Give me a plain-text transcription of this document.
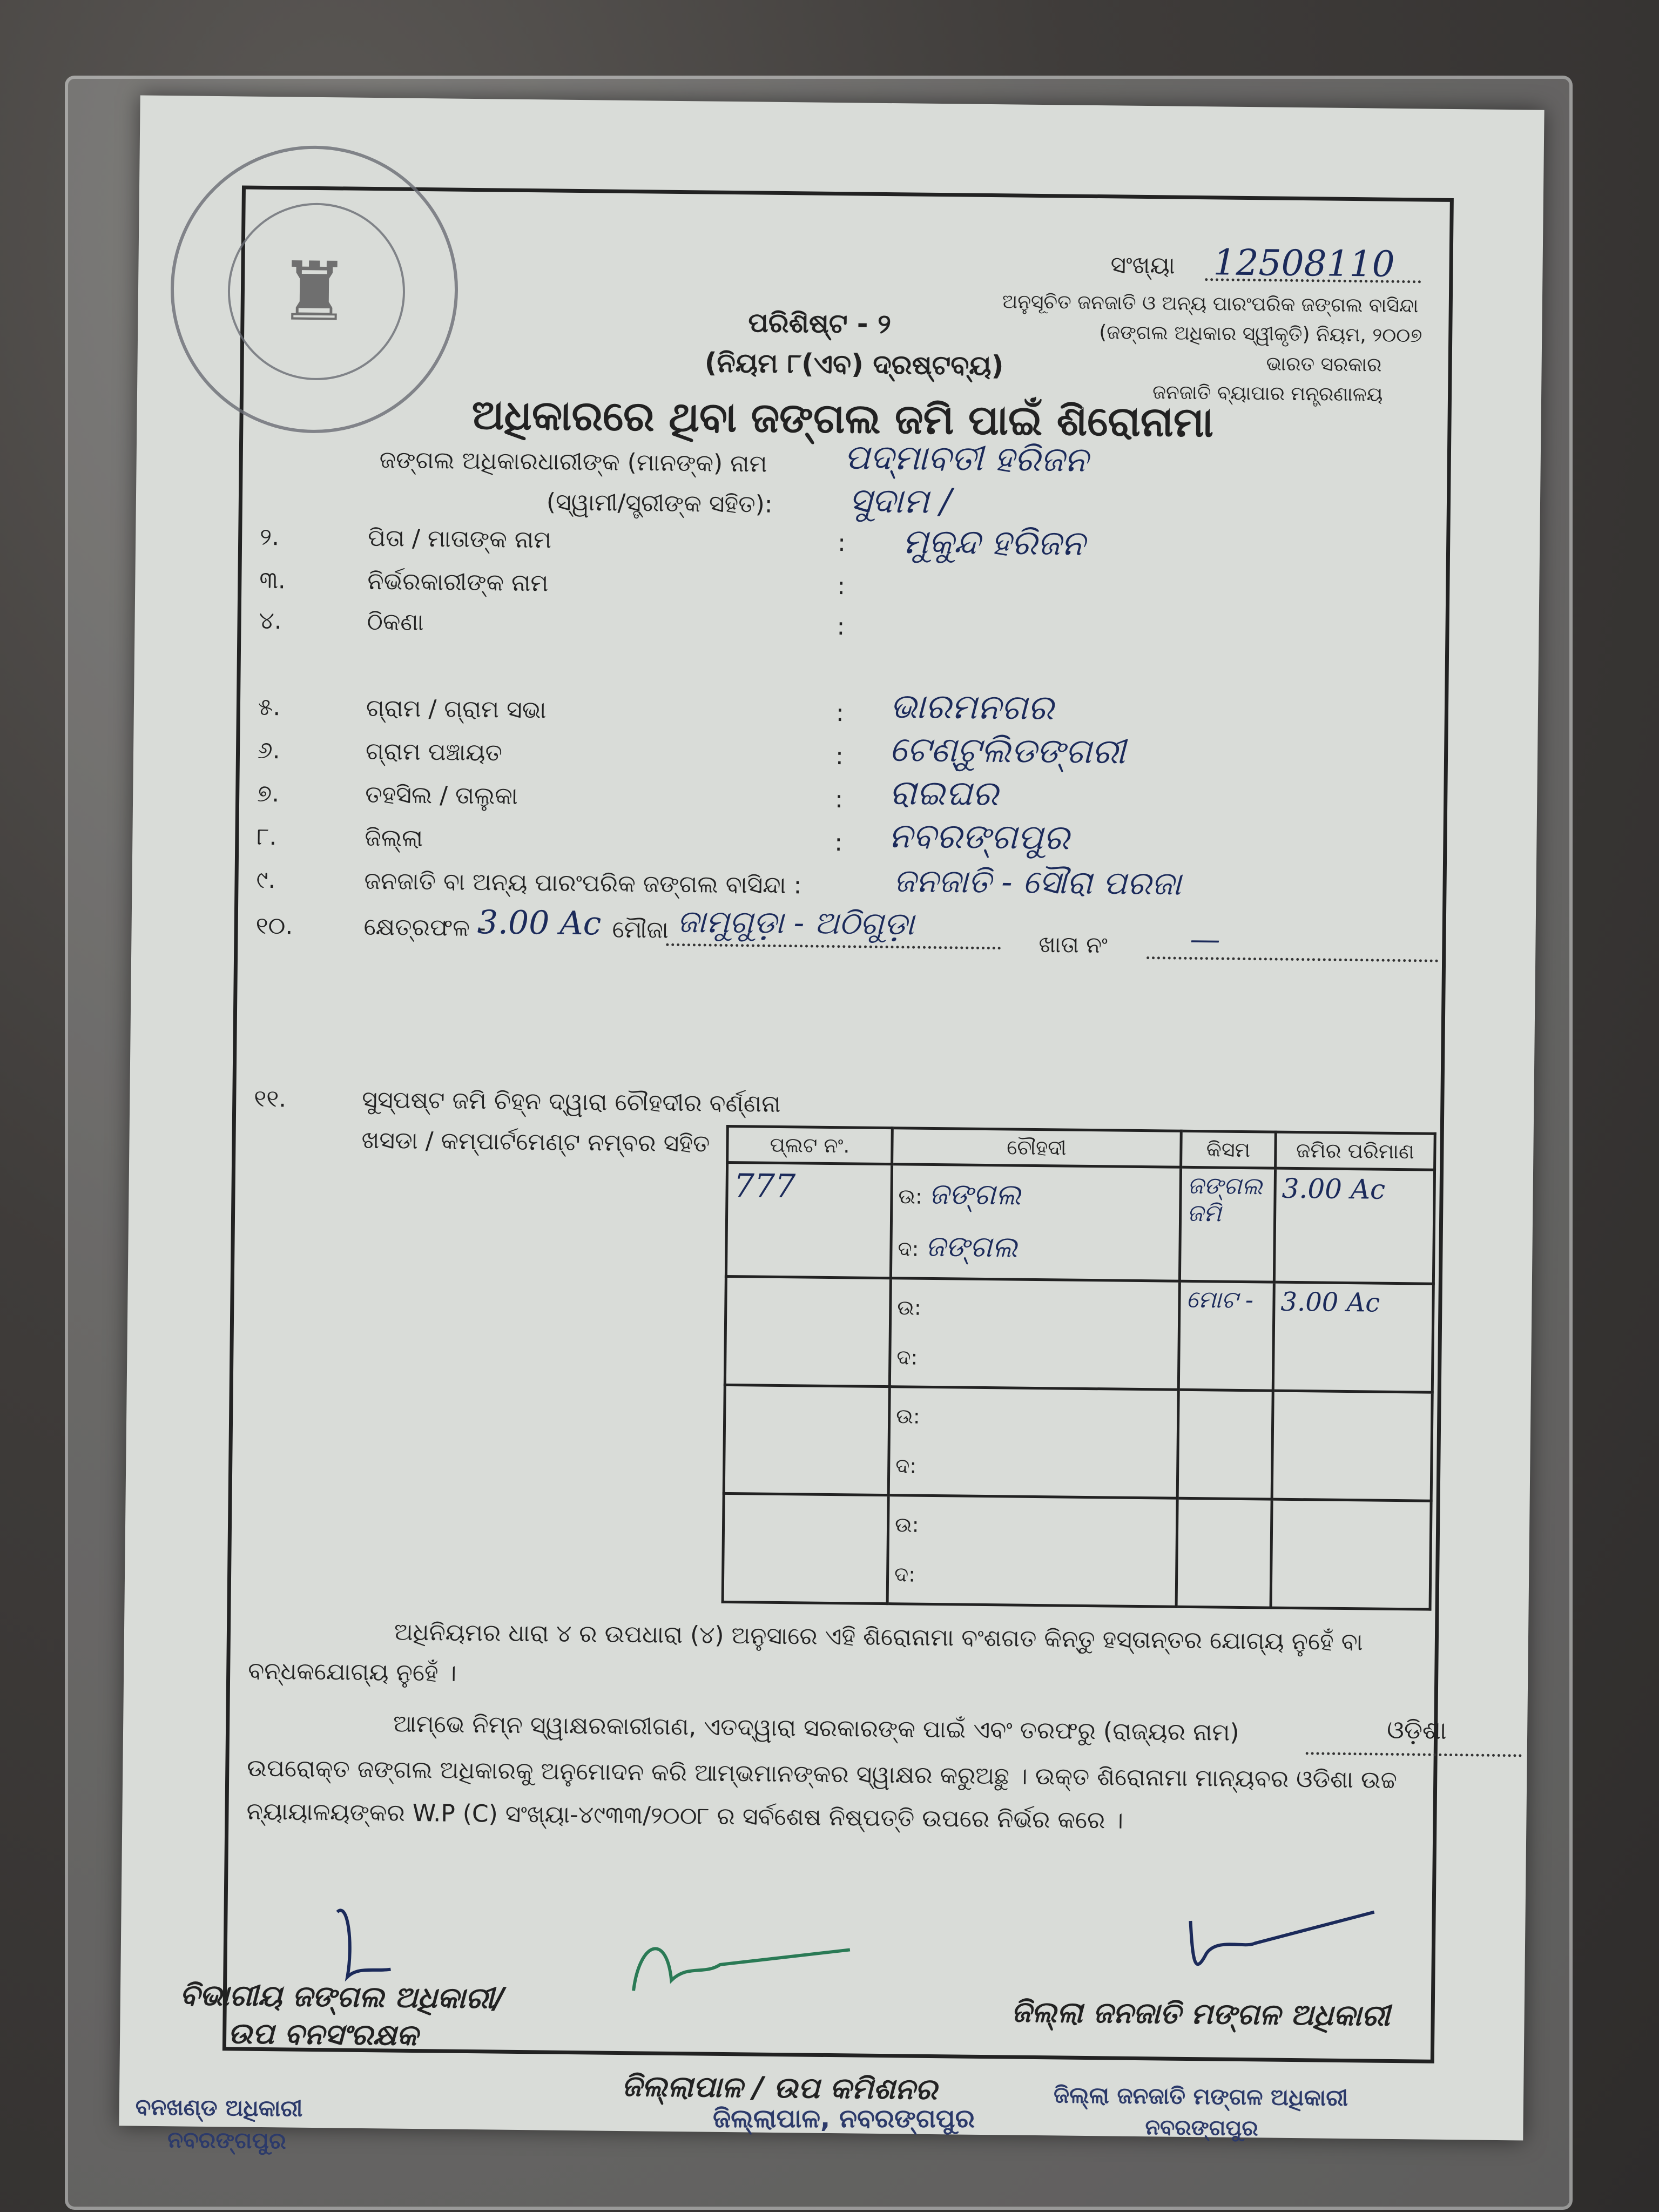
♜	ସଂଖ୍ୟା 12508110
ପରିଶିଷ୍ଟ - ୨
(ନିୟମ ୮(ଏବ) ଦ୍ରଷ୍ଟବ୍ୟ)
ଅଧିକାରରେ ଥିବା ଜଙ୍ଗଲ ଜମି ପାଇଁ ଶିରୋନାମା
ଅନୁସୂଚିତ ଜନଜାତି ଓ ଅନ୍ୟ ପାରଂପରିକ ଜଙ୍ଗଲ ବାସିନ୍ଦା
(ଜଙ୍ଗଲ ଅଧିକାର ସ୍ୱୀକୃତି) ନିୟମ, ୨୦୦୭
ଭାରତ ସରକାର
ଜନଜାତି ବ୍ୟାପାର ମନ୍ତ୍ରଣାଳୟ
ଜଙ୍ଗଲ ଅଧିକାରଧାରୀଙ୍କ (ମାନଙ୍କ) ନାମ ପଦ୍ମାବତୀ ହରିଜନ
(ସ୍ୱାମୀ/ସ୍ତ୍ରୀଙ୍କ ସହିତ): ସୁଦାମ /
୨.	ପିତା / ମାତାଙ୍କ ନାମ	: ମୁକୁନ୍ଦ ହରିଜନ
୩.	ନିର୍ଭରକାରୀଙ୍କ ନାମ	:
୪.	ଠିକଣା	:
୫.	ଗ୍ରାମ / ଗ୍ରାମ ସଭା	: ଭାରମନଗର
୬.	ଗ୍ରାମ ପଞ୍ଚାୟତ	: ଟେଣ୍ଟୁଲିଡଙ୍ଗରୀ
୭.	ତହସିଲ / ତାଲୁକା	: ରାଇଘର
୮.	ଜିଲ୍ଲା	: ନବରଙ୍ଗପୁର
୯.	ଜନଜାତି ବା ଅନ୍ୟ ପାରଂପରିକ ଜଙ୍ଗଲ ବାସିନ୍ଦା :	ଜନଜାତି - ସୌରା ପରଜା
୧୦.	କ୍ଷେତ୍ରଫଳ -
3.00 Ac ମୌଜା ଜାମୁଗୁଡ଼ା - ଅଠିଗୁଡ଼ା
ଖାତା ନଂ	—
୧୧.	ସୁସ୍ପଷ୍ଟ ଜମି ଚିହ୍ନ ଦ୍ୱାରା ଚୌହଦୀର ବର୍ଣ୍ଣନା
ଖସଡା / କମ୍ପାର୍ଟମେଣ୍ଟ ନମ୍ବର ସହିତ	ପ୍ଲଟ ନଂ.	ଚୌହଦୀ	କିସମ	ଜମିର ପରିମାଣ
777	ଉ: ଜଙ୍ଗଲ
ଦ: ଜଙ୍ଗଲ	ଜଙ୍ଗଲ ଜମି	3.00 Ac
	ଉ:
ଦ:	ମୋଟ -	3.00 Ac
	ଉ:
ଦ:		
	ଉ:
ଦ:		
ଅଧିନିୟମର ଧାରା ୪ ର ଉପଧାରା (୪) ଅନୁସାରେ ଏହି ଶିରୋନାମା ବଂଶଗତ କିନ୍ତୁ ହସ୍ତାନ୍ତର ଯୋଗ୍ୟ ନୁହେଁ ବା
ବନ୍ଧକଯୋଗ୍ୟ ନୁହେଁ ।
ଆମ୍ଭେ ନିମ୍ନ ସ୍ୱାକ୍ଷରକାରୀଗଣ, ଏତଦ୍ୱାରା ସରକାରଙ୍କ ପାଇଁ ଏବଂ ତରଫରୁ (ରାଜ୍ୟର ନାମ)	ଓଡ଼ିଶା
ଉପରୋକ୍ତ ଜଙ୍ଗଲ ଅଧିକାରକୁ ଅନୁମୋଦନ କରି ଆମ୍ଭମାନଙ୍କର ସ୍ୱାକ୍ଷର କରୁଅଛୁ । ଉକ୍ତ ଶିରୋନାମା ମାନ୍ୟବର ଓଡିଶା ଉଚ୍ଚ
ନ୍ୟାୟାଳୟଙ୍କର W.P (C) ସଂଖ୍ୟା-୪୯୩୩/୨୦୦୮ ର ସର୍ବଶେଷ ନିଷ୍ପତ୍ତି ଉପରେ ନିର୍ଭର କରେ ।
ବିଭାଗୀୟ ଜଙ୍ଗଲ ଅଧିକାରୀ/
ଉପ ବନସଂରକ୍ଷକ
ଜିଲ୍ଲାପାଳ / ଉପ କମିଶନର
ଜିଲ୍ଲା ଜନଜାତି ମଙ୍ଗଳ ଅଧିକାରୀ
ବନଖଣ୍ଡ ଅଧିକାରୀ
ନବରଙ୍ଗପୁର
ଜିଲ୍ଲା ଜନଜାତି ମଙ୍ଗଳ ଅଧିକାରୀ
ନବରଙ୍ଗପୁର
ଜିଲ୍ଲାପାଳ, ନବରଙ୍ଗପୁର
